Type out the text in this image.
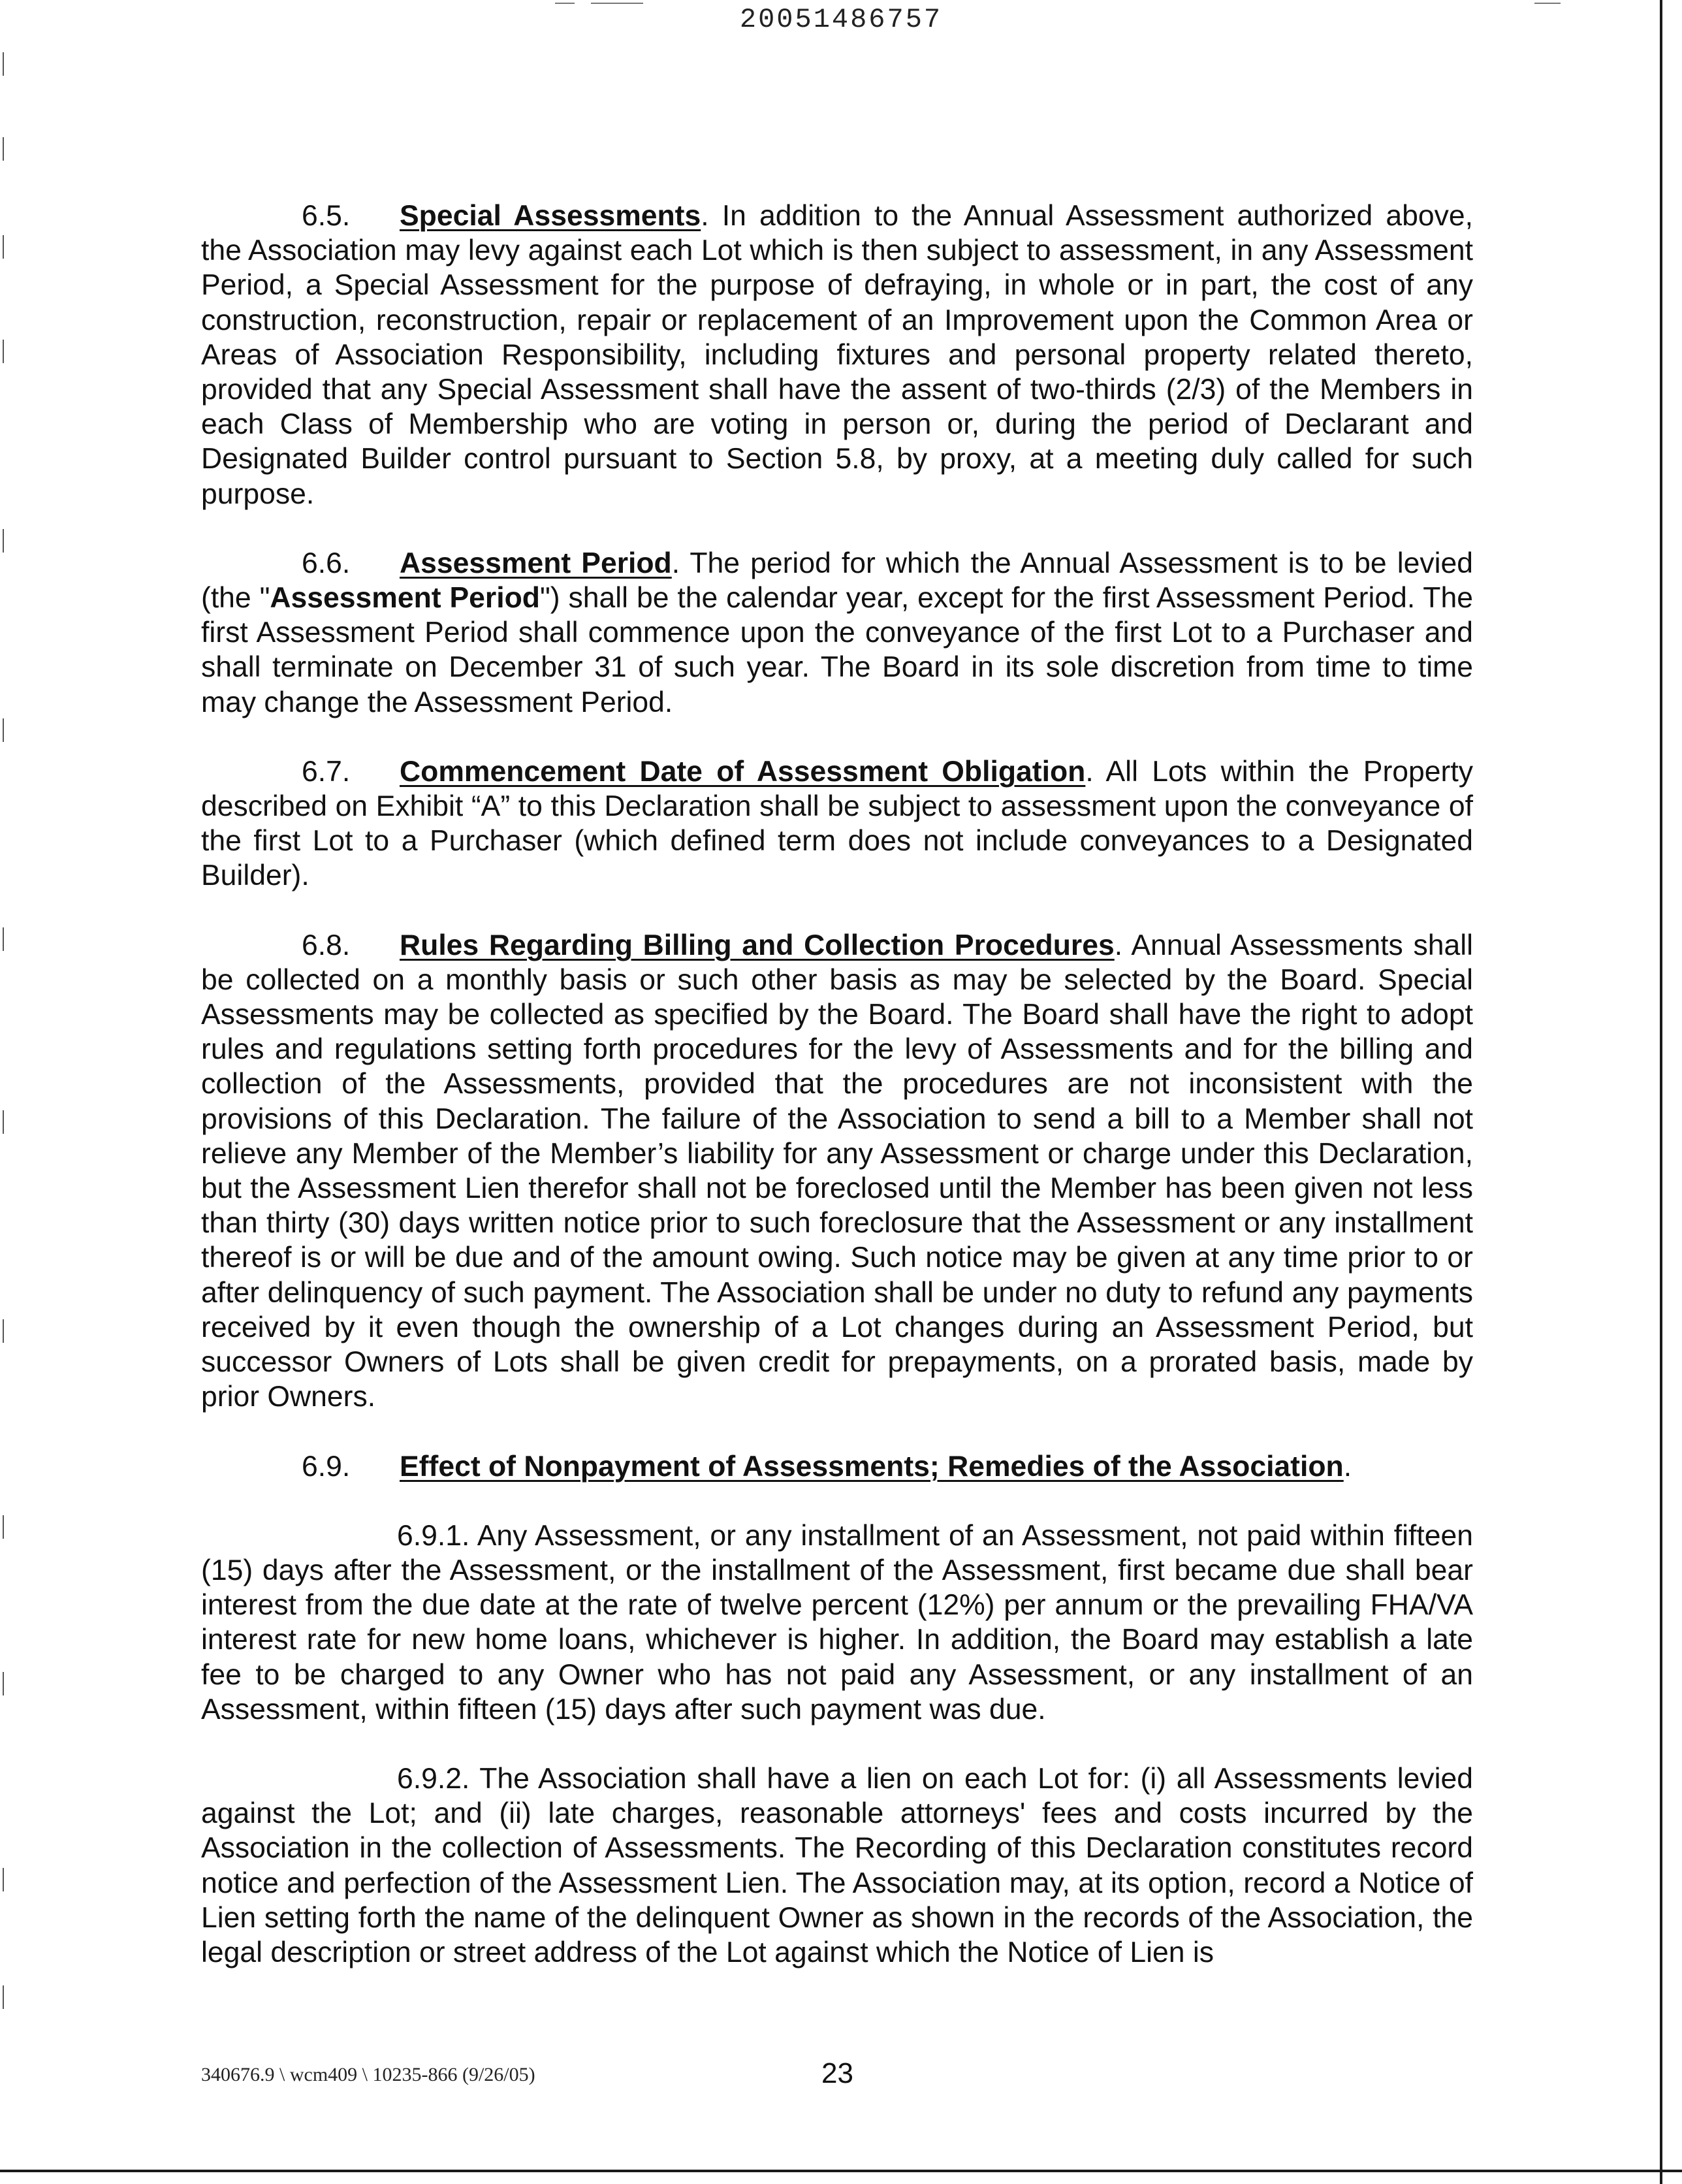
20051486757

6.5. Special Assessments. In addition to the Annual Assessment authorized above, the Association may levy against each Lot which is then subject to assessment, in any Assessment Period, a Special Assessment for the purpose of defraying, in whole or in part, the cost of any construction, reconstruction, repair or replacement of an Improvement upon the Common Area or Areas of Association Responsibility, including fixtures and personal property related thereto, provided that any Special Assessment shall have the assent of two-thirds (2/3) of the Members in each Class of Membership who are voting in person or, during the period of Declarant and Designated Builder control pursuant to Section 5.8, by proxy, at a meeting duly called for such purpose.

6.6. Assessment Period. The period for which the Annual Assessment is to be levied (the "Assessment Period") shall be the calendar year, except for the first Assessment Period. The first Assessment Period shall commence upon the conveyance of the first Lot to a Purchaser and shall terminate on December 31 of such year. The Board in its sole discretion from time to time may change the Assessment Period.

6.7. Commencement Date of Assessment Obligation. All Lots within the Property described on Exhibit “A” to this Declaration shall be subject to assessment upon the conveyance of the first Lot to a Purchaser (which defined term does not include conveyances to a Designated Builder).

6.8. Rules Regarding Billing and Collection Procedures. Annual Assessments shall be collected on a monthly basis or such other basis as may be selected by the Board. Special Assessments may be collected as specified by the Board. The Board shall have the right to adopt rules and regulations setting forth procedures for the levy of Assessments and for the billing and collection of the Assessments, provided that the procedures are not inconsistent with the provisions of this Declaration. The failure of the Association to send a bill to a Member shall not relieve any Member of the Member’s liability for any Assessment or charge under this Declaration, but the Assessment Lien therefor shall not be foreclosed until the Member has been given not less than thirty (30) days written notice prior to such foreclosure that the Assessment or any installment thereof is or will be due and of the amount owing. Such notice may be given at any time prior to or after delinquency of such payment. The Association shall be under no duty to refund any payments received by it even though the ownership of a Lot changes during an Assessment Period, but successor Owners of Lots shall be given credit for prepayments, on a prorated basis, made by prior Owners.

6.9. Effect of Nonpayment of Assessments; Remedies of the Association.

6.9.1. Any Assessment, or any installment of an Assessment, not paid within fifteen (15) days after the Assessment, or the installment of the Assessment, first became due shall bear interest from the due date at the rate of twelve percent (12%) per annum or the prevailing FHA/VA interest rate for new home loans, whichever is higher. In addition, the Board may establish a late fee to be charged to any Owner who has not paid any Assessment, or any installment of an Assessment, within fifteen (15) days after such payment was due.

6.9.2. The Association shall have a lien on each Lot for: (i) all Assessments levied against the Lot; and (ii) late charges, reasonable attorneys' fees and costs incurred by the Association in the collection of Assessments. The Recording of this Declaration constitutes record notice and perfection of the Assessment Lien. The Association may, at its option, record a Notice of Lien setting forth the name of the delinquent Owner as shown in the records of the Association, the legal description or street address of the Lot against which the Notice of Lien is

340676.9 \ wcm409 \ 10235-866 (9/26/05)	23
